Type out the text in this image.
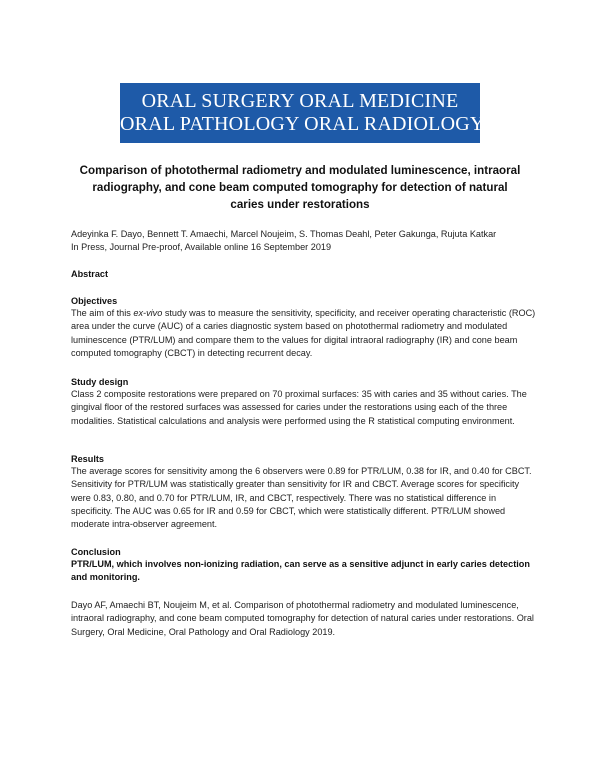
ORAL SURGERY ORAL MEDICINE
ORAL PATHOLOGY ORAL RADIOLOGY
Comparison of photothermal radiometry and modulated luminescence, intraoral radiography, and cone beam computed tomography for detection of natural caries under restorations
Adeyinka F. Dayo, Bennett T. Amaechi, Marcel Noujeim, S. Thomas Deahl, Peter Gakunga, Rujuta Katkar
In Press, Journal Pre-proof, Available online 16 September 2019
Abstract
Objectives
The aim of this ex-vivo study was to measure the sensitivity, specificity, and receiver operating characteristic (ROC) area under the curve (AUC) of a caries diagnostic system based on photothermal radiometry and modulated luminescence (PTR/LUM) and compare them to the values for digital intraoral radiography (IR) and cone beam computed tomography (CBCT) in detecting recurrent decay.
Study design
Class 2 composite restorations were prepared on 70 proximal surfaces: 35 with caries and 35 without caries. The gingival floor of the restored surfaces was assessed for caries under the restorations using each of the three modalities. Statistical calculations and analysis were performed using the R statistical computing environment.
Results
The average scores for sensitivity among the 6 observers were 0.89 for PTR/LUM, 0.38 for IR, and 0.40 for CBCT. Sensitivity for PTR/LUM was statistically greater than sensitivity for IR and CBCT. Average scores for specificity were 0.83, 0.80, and 0.70 for PTR/LUM, IR, and CBCT, respectively. There was no statistical difference in specificity. The AUC was 0.65 for IR and 0.59 for CBCT, which were statistically different. PTR/LUM showed moderate intra-observer agreement.
Conclusion
PTR/LUM, which involves non-ionizing radiation, can serve as a sensitive adjunct in early caries detection and monitoring.
Dayo AF, Amaechi BT, Noujeim M, et al. Comparison of photothermal radiometry and modulated luminescence, intraoral radiography, and cone beam computed tomography for detection of natural caries under restorations. Oral Surgery, Oral Medicine, Oral Pathology and Oral Radiology 2019.
